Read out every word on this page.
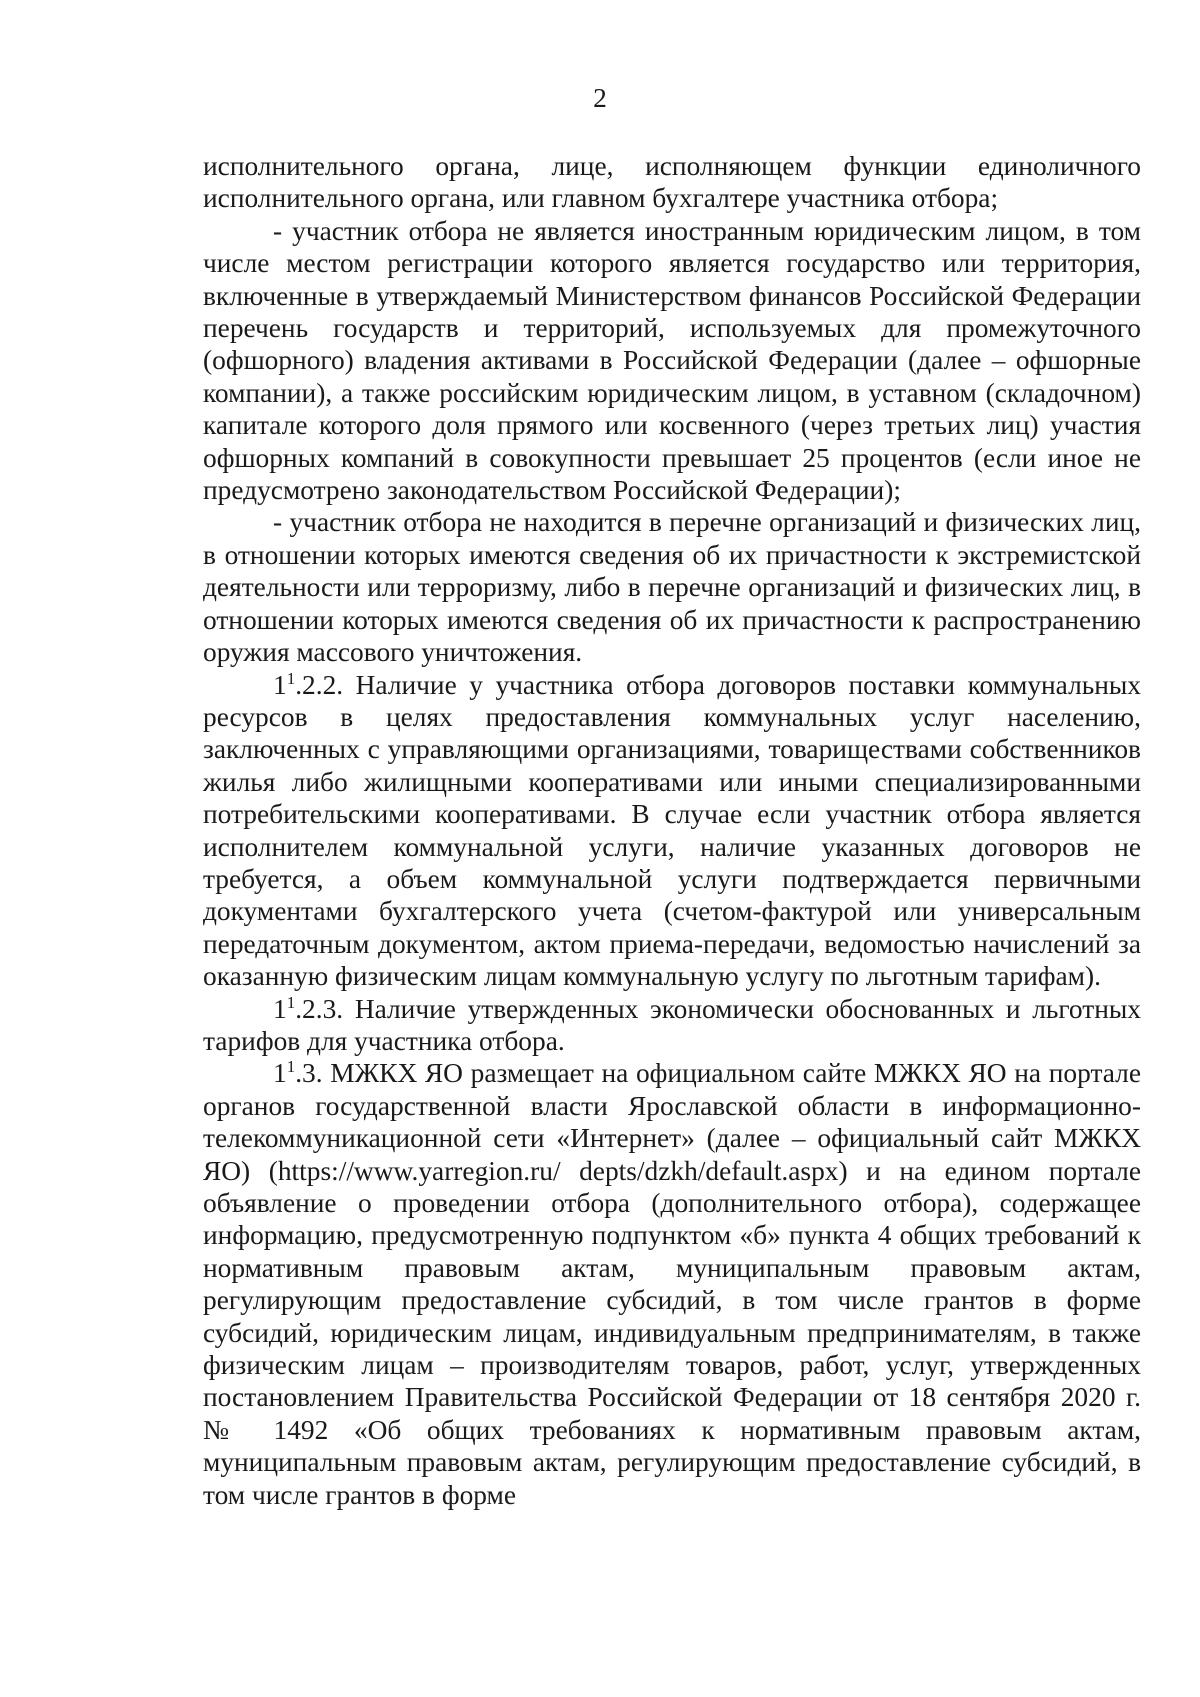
2

исполнительного органа, лице, исполняющем функции единоличного исполнительного органа, или главном бухгалтере участника отбора;

- участник отбора не является иностранным юридическим лицом, в том числе местом регистрации которого является государство или территория, включенные в утверждаемый Министерством финансов Российской Федерации перечень государств и территорий, используемых для промежуточного (офшорного) владения активами в Российской Федерации (далее – офшорные компании), а также российским юридическим лицом, в уставном (складочном) капитале которого доля прямого или косвенного (через третьих лиц) участия офшорных компаний в совокупности превышает 25 процентов (если иное не предусмотрено законодательством Российской Федерации);

- участник отбора не находится в перечне организаций и физических лиц, в отношении которых имеются сведения об их причастности к экстремистской деятельности или терроризму, либо в перечне организаций и физических лиц, в отношении которых имеются сведения об их причастности к распространению оружия массового уничтожения.

$1^1.2.2$. Наличие у участника отбора договоров поставки коммунальных ресурсов в целях предоставления коммунальных услуг населению, заключенных с управляющими организациями, товариществами собственников жилья либо жилищными кооперативами или иными специализированными потребительскими кооперативами. В случае если участник отбора является исполнителем коммунальной услуги, наличие указанных договоров не требуется, а объем коммунальной услуги подтверждается первичными документами бухгалтерского учета (счетом-фактурой или универсальным передаточным документом, актом приема-передачи, ведомостью начислений за оказанную физическим лицам коммунальную услугу по льготным тарифам).

$1^1.2.3$. Наличие утвержденных экономически обоснованных и льготных тарифов для участника отбора.

$1^1.3$. МЖКХ ЯО размещает на официальном сайте МЖКХ ЯО на портале органов государственной власти Ярославской области в информационно-телекоммуникационной сети «Интернет» (далее – официальный сайт МЖКХ ЯО) (https://www.yarregion.ru/ depts/dzkh/default.aspx) и на едином портале объявление о проведении отбора (дополнительного отбора), содержащее информацию, предусмотренную подпунктом «б» пункта 4 общих требований к нормативным правовым актам, муниципальным правовым актам, регулирующим предоставление субсидий, в том числе грантов в форме субсидий, юридическим лицам, индивидуальным предпринимателям, в также физическим лицам – производителям товаров, работ, услуг, утвержденных постановлением Правительства Российской Федерации от 18 сентября 2020 г. № 1492 «Об общих требованиях к нормативным правовым актам, муниципальным правовым актам, регулирующим предоставление субсидий, в том числе грантов в форме
